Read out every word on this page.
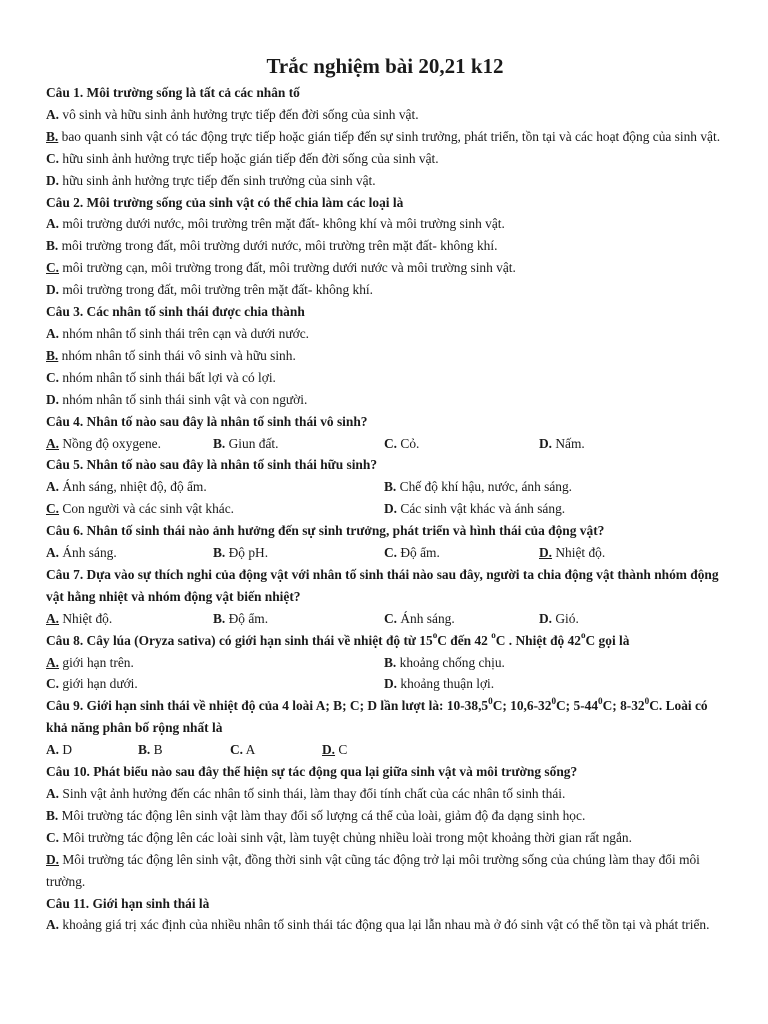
Trắc nghiệm bài 20,21 k12
Câu 1. Môi trường sống là tất cả các nhân tố
A. vô sinh và hữu sinh ảnh hưởng trực tiếp đến đời sống của sinh vật.
B. bao quanh sinh vật có tác động trực tiếp hoặc gián tiếp đến sự sinh trưởng, phát triển, tồn tại và các hoạt động của sinh vật.
C. hữu sinh ảnh hưởng trực tiếp hoặc gián tiếp đến đời sống của sinh vật.
D. hữu sinh ảnh hưởng trực tiếp đến sinh trưởng của sinh vật.
Câu 2. Môi trường sống của sinh vật có thể chia làm các loại là
A. môi trường dưới nước, môi trường trên mặt đất- không khí và môi trường sinh vật.
B. môi trường trong đất, môi trường dưới nước, môi trường trên mặt đất- không khí.
C. môi trường cạn, môi trường trong đất, môi trường dưới nước và môi trường sinh vật.
D. môi trường trong đất, môi trường trên mặt đất- không khí.
Câu 3. Các nhân tố sinh thái được chia thành
A. nhóm nhân tố sinh thái trên cạn và dưới nước.
B. nhóm nhân tố sinh thái vô sinh và hữu sinh.
C. nhóm nhân tố sinh thái bất lợi và có lợi.
D. nhóm nhân tố sinh thái sinh vật và con người.
Câu 4. Nhân tố nào sau đây là nhân tố sinh thái vô sinh?
A. Nồng độ oxygene.	B. Giun đất.	C. Cỏ.	D. Nấm.
Câu 5. Nhân tố nào sau đây là nhân tố sinh thái hữu sinh?
A. Ánh sáng, nhiệt độ, độ ẩm.	B. Chế độ khí hậu, nước, ánh sáng.
C. Con người và các sinh vật khác.	D. Các sinh vật khác và ánh sáng.
Câu 6. Nhân tố sinh thái nào ảnh hưởng đến sự sinh trưởng, phát triển và hình thái của động vật?
A. Ánh sáng.	B. Độ pH.	C. Độ ẩm.	D. Nhiệt độ.
Câu 7. Dựa vào sự thích nghi của động vật với nhân tố sinh thái nào sau đây, người ta chia động vật thành nhóm động vật hằng nhiệt và nhóm động vật biến nhiệt?
A. Nhiệt độ.	B. Độ ẩm.	C. Ánh sáng.	D. Gió.
Câu 8. Cây lúa (Oryza sativa) có giới hạn sinh thái về nhiệt độ từ 15$^o$C đến 42 $^o$C . Nhiệt độ 42$^o$C gọi là
A. giới hạn trên.	B. khoảng chống chịu.
C. giới hạn dưới.	D. khoảng thuận lợi.
Câu 9. Giới hạn sinh thái về nhiệt độ của 4 loài A; B; C; D lần lượt là: 10-38,5$^0$C; $10,6-32^0C$; $5-44^0C$; $8-32^0C$. Loài có khả năng phân bố rộng nhất là
A. D	B. B	C. A	D. C
Câu 10. Phát biểu nào sau đây thể hiện sự tác động qua lại giữa sinh vật và môi trường sống?
A. Sinh vật ảnh hưởng đến các nhân tố sinh thái, làm thay đổi tính chất của các nhân tố sinh thái.
B. Môi trường tác động lên sinh vật làm thay đổi số lượng cá thể của loài, giảm độ đa dạng sinh học.
C. Môi trường tác động lên các loài sinh vật, làm tuyệt chủng nhiều loài trong một khoảng thời gian rất ngắn.
D. Môi trường tác động lên sinh vật, đồng thời sinh vật cũng tác động trở lại môi trường sống của chúng làm thay đổi môi trường.
Câu 11. Giới hạn sinh thái là
A. khoảng giá trị xác định của nhiều nhân tố sinh thái tác động qua lại lẫn nhau mà ở đó sinh vật có thể tồn tại và phát triển.
